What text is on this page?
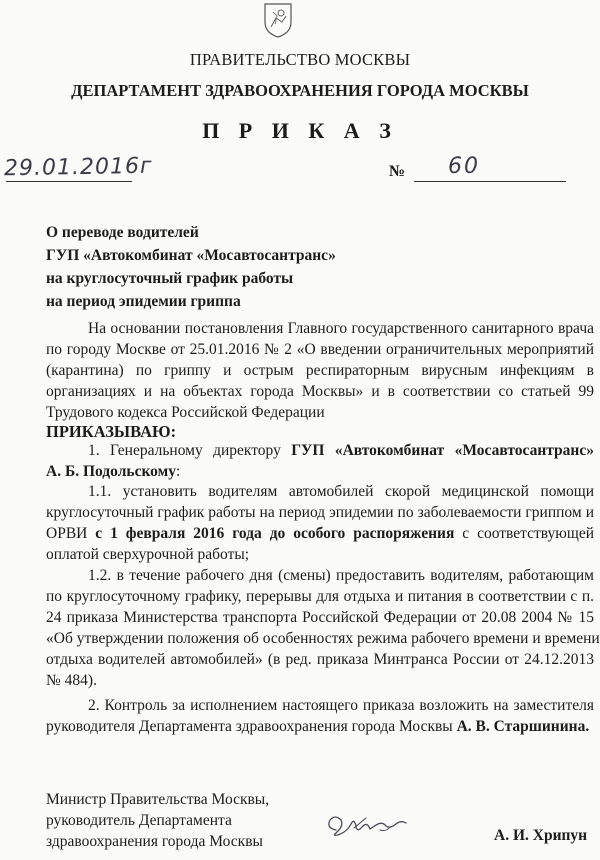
ПРАВИТЕЛЬСТВО МОСКВЫ
ДЕПАРТАМЕНТ ЗДРАВООХРАНЕНИЯ ГОРОДА МОСКВЫ
П Р И К А З
29.01.2016г	№ 60
О переводе водителей
ГУП «Автокомбинат «Мосавтосантранс»
на круглосуточный график работы
на период эпидемии гриппа
На основании постановления Главного государственного санитарного врача
по городу Москве от 25.01.2016 № 2 «О введении ограничительных мероприятий
(карантина) по гриппу и острым респираторным вирусным инфекциям в
организациях и на объектах города Москвы» и в соответствии со статьей 99
Трудового кодекса Российской Федерации
ПРИКАЗЫВАЮ:
1. Генеральному директору ГУП «Автокомбинат «Мосавтосантранс»
А. Б. Подольскому:
1.1. установить водителям автомобилей скорой медицинской помощи
круглосуточный график работы на период эпидемии по заболеваемости гриппом и
ОРВИ с 1 февраля 2016 года до особого распоряжения с соответствующей
оплатой сверхурочной работы;
1.2. в течение рабочего дня (смены) предоставить водителям, работающим
по круглосуточному графику, перерывы для отдыха и питания в соответствии с п.
24 приказа Министерства транспорта Российской Федерации от 20.08 2004 № 15
«Об утверждении положения об особенностях режима рабочего времени и времени
отдыха водителей автомобилей» (в ред. приказа Минтранса России от 24.12.2013
№ 484).
2. Контроль за исполнением настоящего приказа возложить на заместителя
руководителя Департамента здравоохранения города Москвы А. В. Старшинина.
Министр Правительства Москвы,
руководитель Департамента
здравоохранения города Москвы	А. И. Хрипун
